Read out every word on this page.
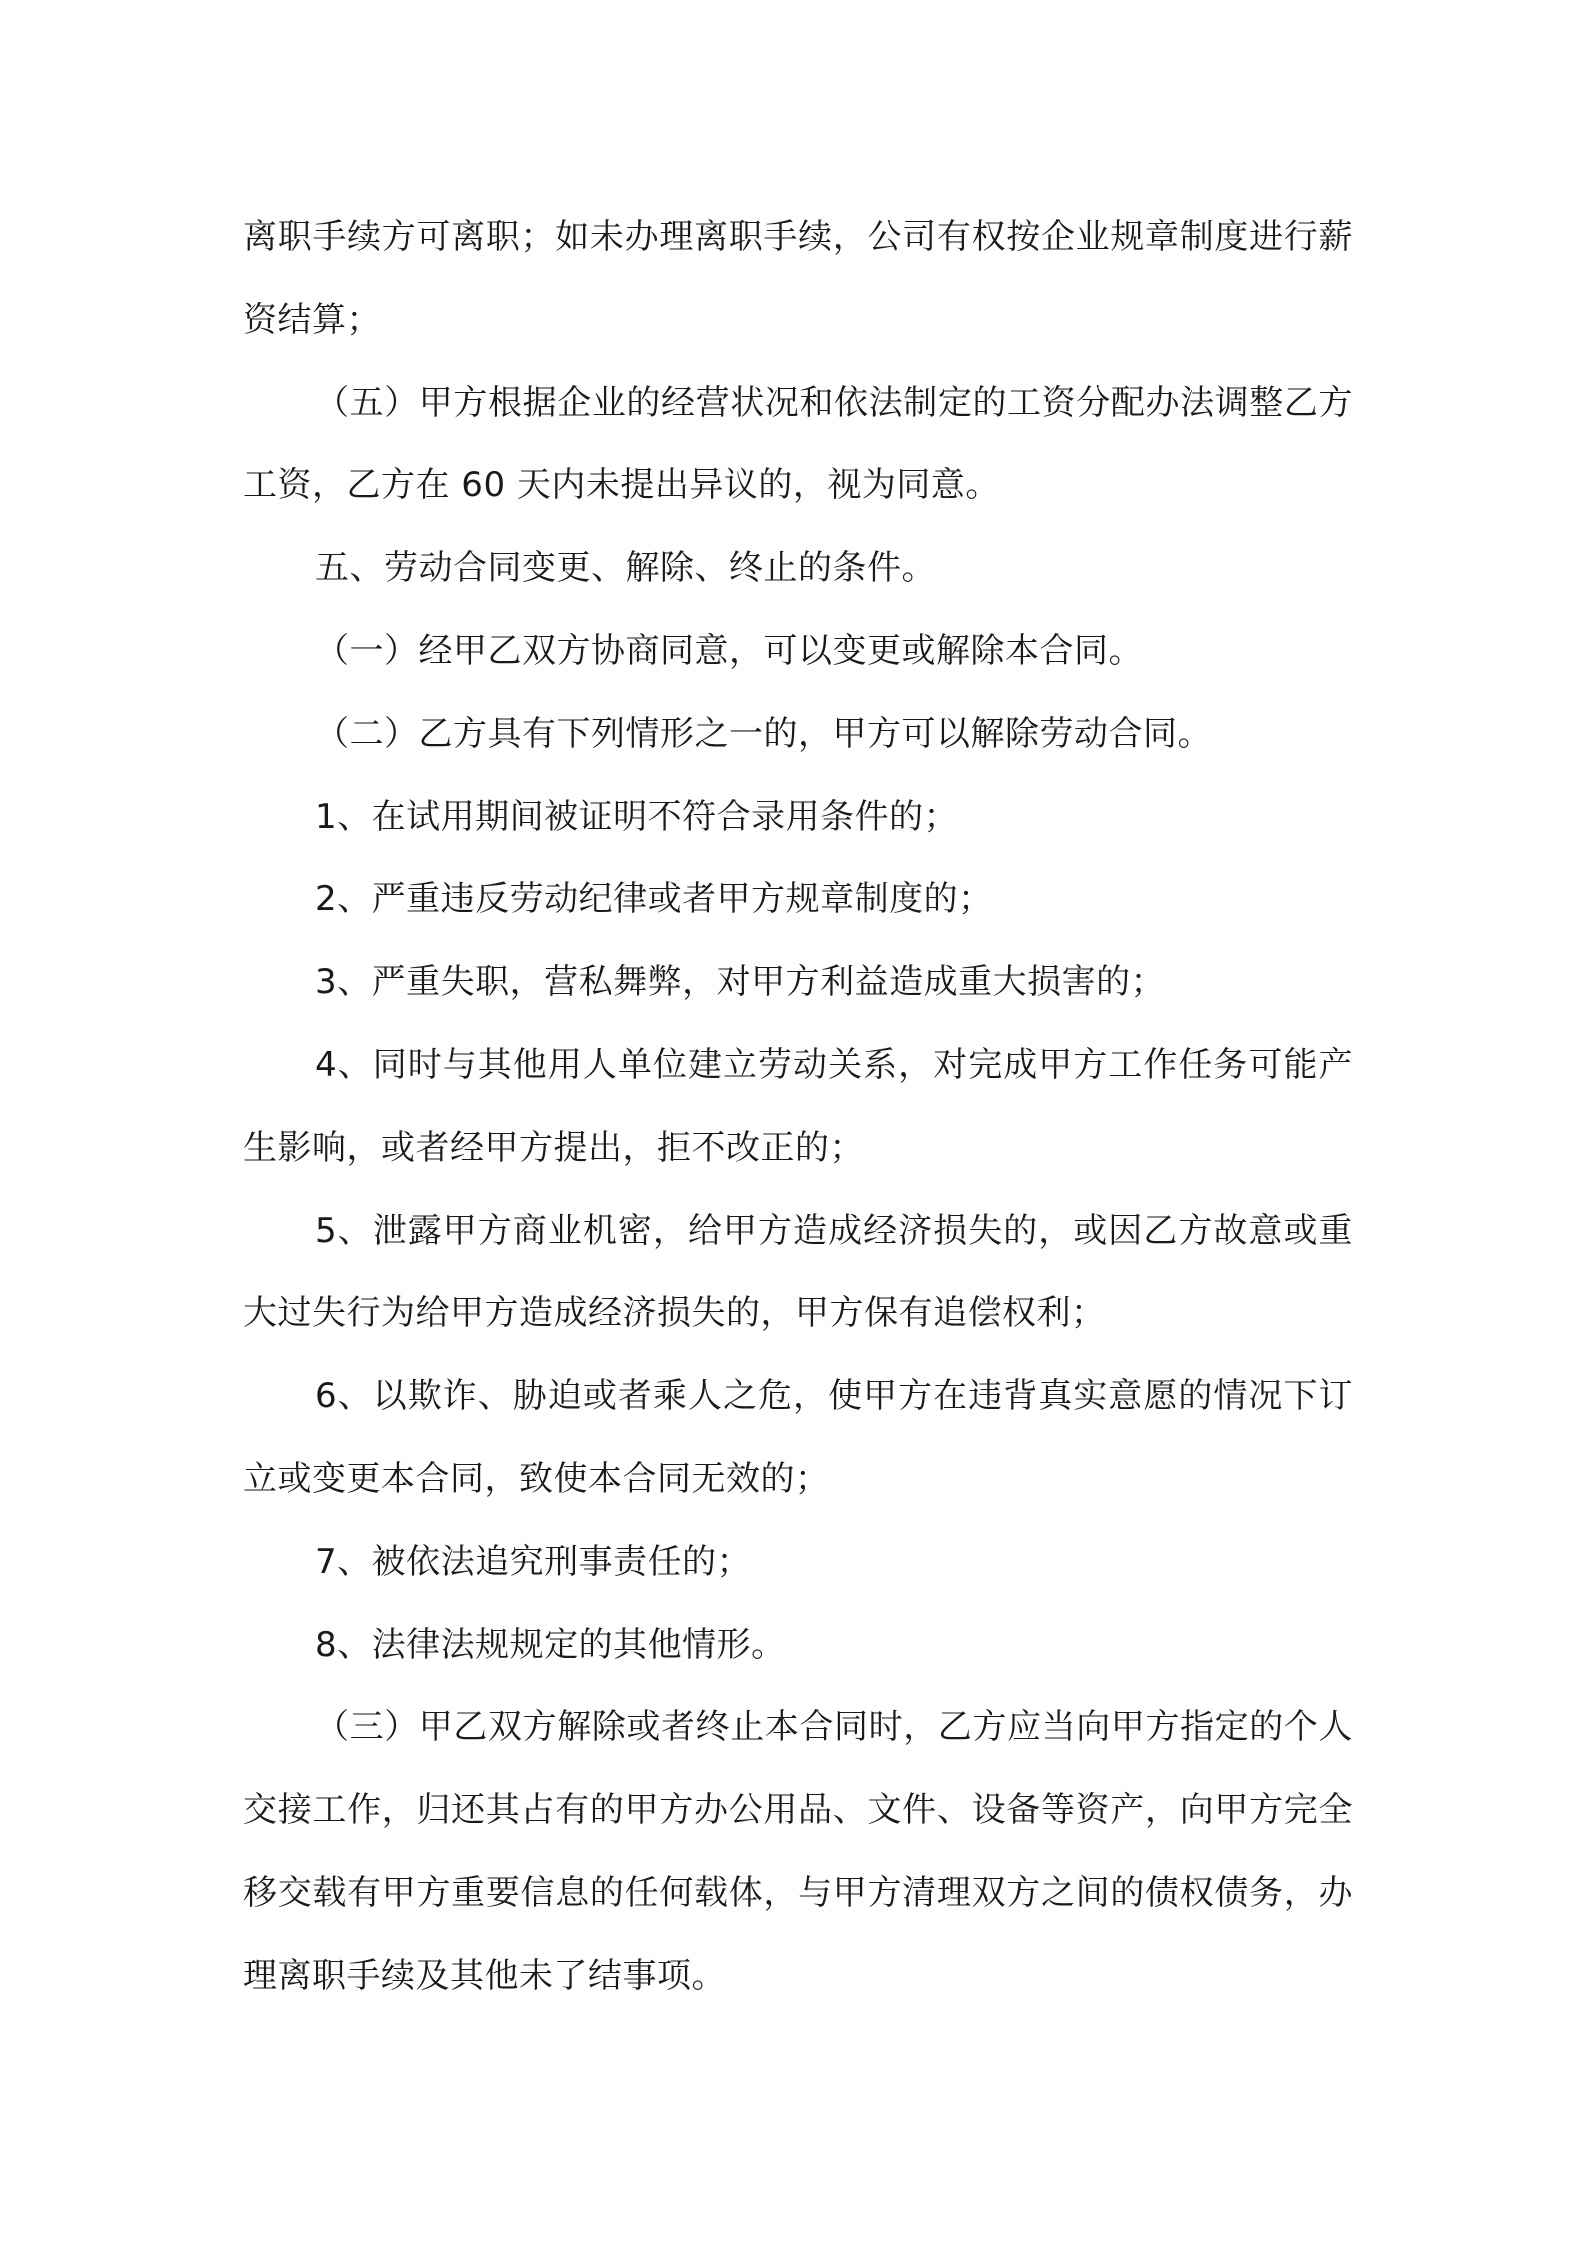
离职手续方可离职；如未办理离职手续，公司有权按企业规章制度进行薪资结算；

（五）甲方根据企业的经营状况和依法制定的工资分配办法调整乙方工资，乙方在 60 天内未提出异议的，视为同意。

五、劳动合同变更、解除、终止的条件。

（一）经甲乙双方协商同意，可以变更或解除本合同。

（二）乙方具有下列情形之一的，甲方可以解除劳动合同。

1、在试用期间被证明不符合录用条件的；

2、严重违反劳动纪律或者甲方规章制度的；

3、严重失职，营私舞弊，对甲方利益造成重大损害的；

4、同时与其他用人单位建立劳动关系，对完成甲方工作任务可能产生影响，或者经甲方提出，拒不改正的；

5、泄露甲方商业机密，给甲方造成经济损失的，或因乙方故意或重大过失行为给甲方造成经济损失的，甲方保有追偿权利；

6、以欺诈、胁迫或者乘人之危，使甲方在违背真实意愿的情况下订立或变更本合同，致使本合同无效的；

7、被依法追究刑事责任的；

8、法律法规规定的其他情形。

（三）甲乙双方解除或者终止本合同时，乙方应当向甲方指定的个人交接工作，归还其占有的甲方办公用品、文件、设备等资产，向甲方完全移交载有甲方重要信息的任何载体，与甲方清理双方之间的债权债务，办理离职手续及其他未了结事项。
